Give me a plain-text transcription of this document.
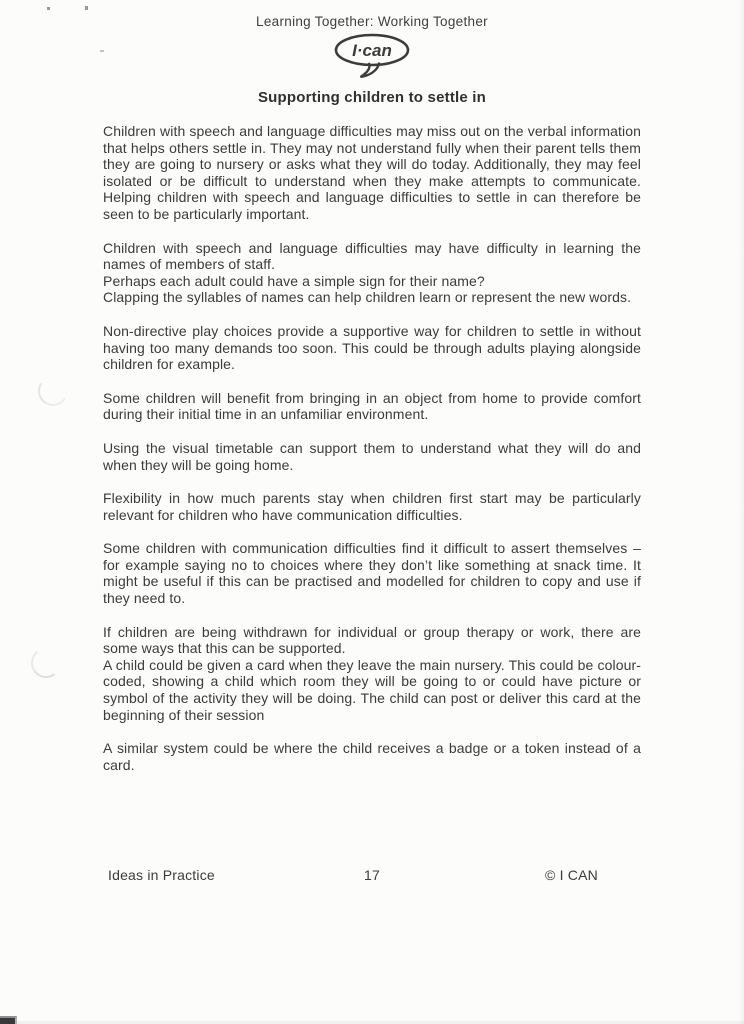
Learning Together: Working Together
I·can
Supporting children to settle in
Children with speech and language difficulties may miss out on the verbal information that helps others settle in. They may not understand fully when their parent tells them they are going to nursery or asks what they will do today. Additionally, they may feel isolated or be difficult to understand when they make attempts to communicate. Helping children with speech and language difficulties to settle in can therefore be seen to be particularly important.
Children with speech and language difficulties may have difficulty in learning the names of members of staff.
Perhaps each adult could have a simple sign for their name?
Clapping the syllables of names can help children learn or represent the new words.
Non-directive play choices provide a supportive way for children to settle in without having too many demands too soon. This could be through adults playing alongside children for example.
Some children will benefit from bringing in an object from home to provide comfort during their initial time in an unfamiliar environment.
Using the visual timetable can support them to understand what they will do and when they will be going home.
Flexibility in how much parents stay when children first start may be particularly relevant for children who have communication difficulties.
Some children with communication difficulties find it difficult to assert themselves – for example saying no to choices where they don’t like something at snack time. It might be useful if this can be practised and modelled for children to copy and use if they need to.
If children are being withdrawn for individual or group therapy or work, there are some ways that this can be supported.
A child could be given a card when they leave the main nursery. This could be colour-coded, showing a child which room they will be going to or could have picture or symbol of the activity they will be doing. The child can post or deliver this card at the beginning of their session
A similar system could be where the child receives a badge or a token instead of a card.
Ideas in Practice	17	© I CAN
